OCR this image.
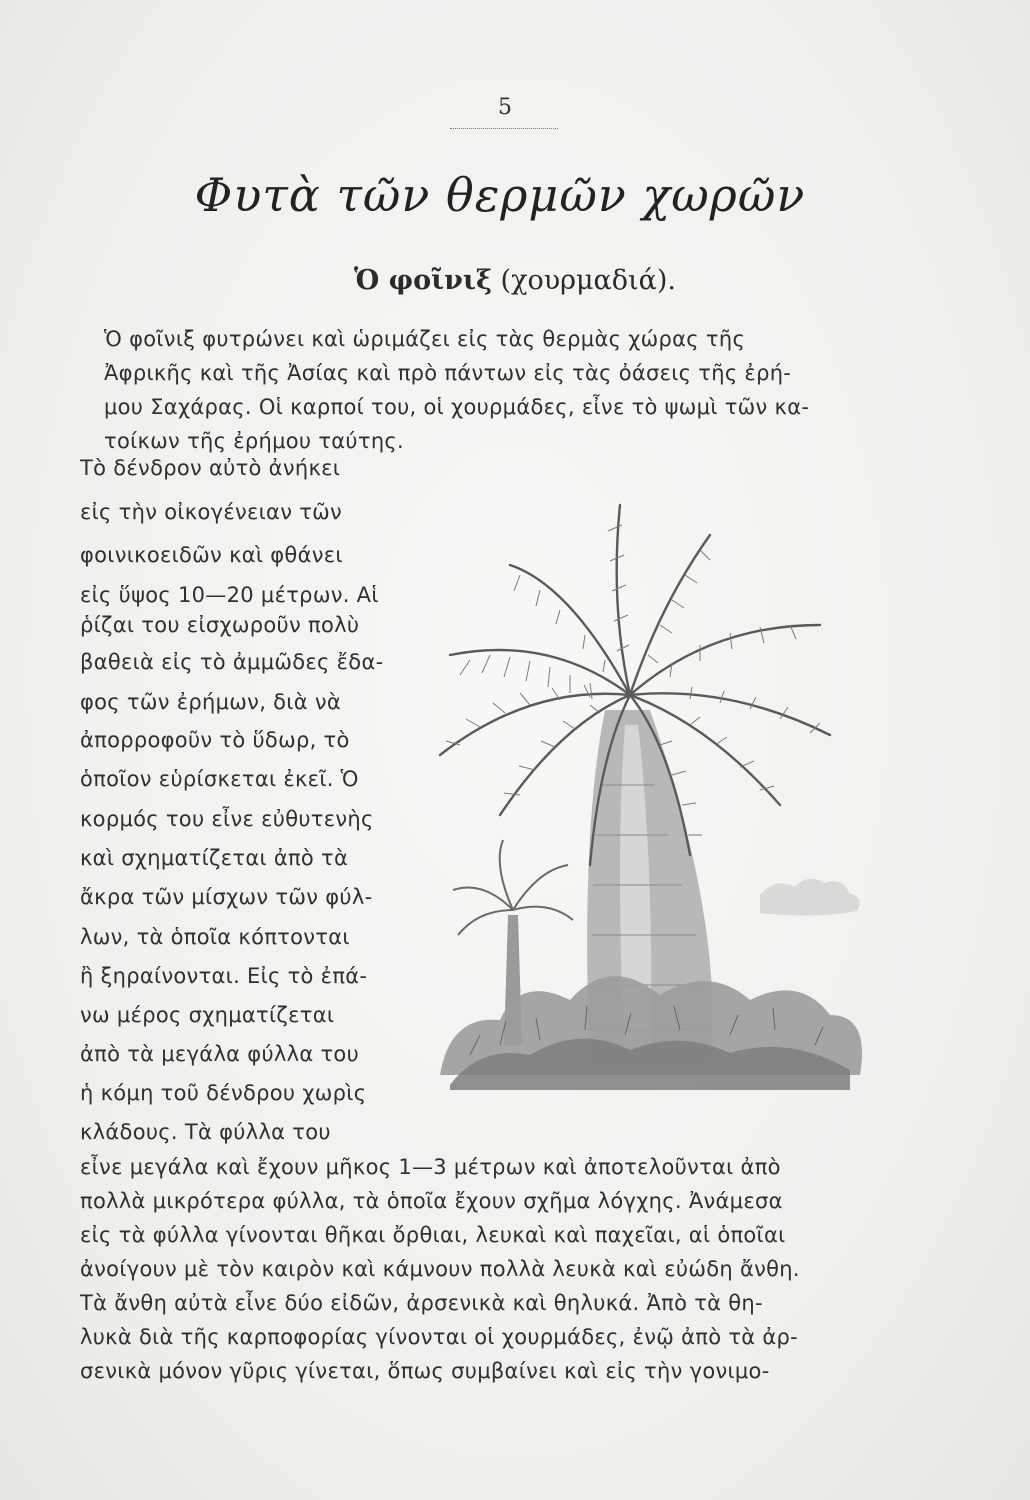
5
Φυτὰ τῶν θερμῶν χωρῶν
Ὁ φοῖνιξ (χουρμαδιά).
Ὁ φοῖνιξ φυτρώνει καὶ ὡριμάζει εἰς τὰς θερμὰς χώρας τῆς
Ἀφρικῆς καὶ τῆς Ἀσίας καὶ πρὸ πάντων εἰς τὰς ὀάσεις τῆς ἐρή-
μου Σαχάρας. Οἱ καρποί του, οἱ χουρμάδες, εἶνε τὸ ψωμὶ τῶν κα-
τοίκων τῆς ἐρήμου ταύτης.
Τὸ δένδρον αὐτὸ ἀνήκει
εἰς τὴν οἰκογένειαν τῶν
φοινικοειδῶν καὶ φθάνει
εἰς ὕψος 10—20 μέτρων. Αἱ
ῥίζαι του εἰσχωροῦν πολὺ
βαθειὰ εἰς τὸ ἀμμῶδες ἔδα-
φος τῶν ἐρήμων, διὰ νὰ
ἀπορροφοῦν τὸ ὕδωρ, τὸ
ὁποῖον εὑρίσκεται ἐκεῖ. Ὁ
κορμός του εἶνε εὐθυτενὴς
καὶ σχηματίζεται ἀπὸ τὰ
ἄκρα τῶν μίσχων τῶν φύλ-
λων, τὰ ὁποῖα κόπτονται
ἢ ξηραίνονται. Εἰς τὸ ἐπά-
νω μέρος σχηματίζεται
ἀπὸ τὰ μεγάλα φύλλα του
ἡ κόμη τοῦ δένδρου χωρὶς
κλάδους. Τὰ φύλλα του
εἶνε μεγάλα καὶ ἔχουν μῆκος 1—3 μέτρων καὶ ἀποτελοῦνται ἀπὸ
πολλὰ μικρότερα φύλλα, τὰ ὁποῖα ἔχουν σχῆμα λόγχης. Ἀνάμεσα
εἰς τὰ φύλλα γίνονται θῆκαι ὄρθιαι, λευκαὶ καὶ παχεῖαι, αἱ ὁποῖαι
ἀνοίγουν μὲ τὸν καιρὸν καὶ κάμνουν πολλὰ λευκὰ καὶ εὐώδη ἄνθη.
Τὰ ἄνθη αὐτὰ εἶνε δύο εἰδῶν, ἀρσενικὰ καὶ θηλυκά. Ἀπὸ τὰ θη-
λυκὰ διὰ τῆς καρποφορίας γίνονται οἱ χουρμάδες, ἐνῷ ἀπὸ τὰ ἀρ-
σενικὰ μόνον γῦρις γίνεται, ὅπως συμβαίνει καὶ εἰς τὴν γονιμο-
